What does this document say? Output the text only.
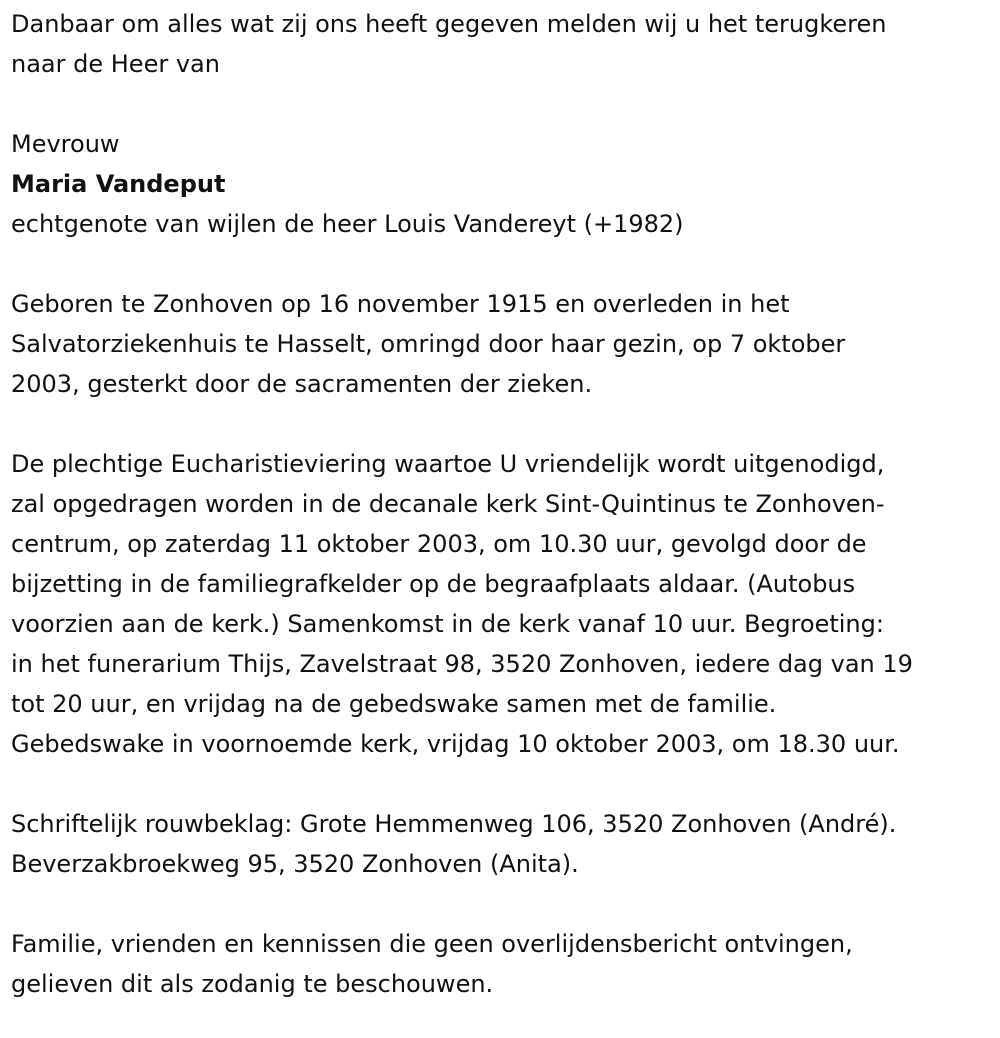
Danbaar om alles wat zij ons heeft gegeven melden wij u het terugkeren

naar de Heer van

Mevrouw

Maria Vandeput

echtgenote van wijlen de heer Louis Vandereyt (+1982)

Geboren te Zonhoven op 16 november 1915 en overleden in het

Salvatorziekenhuis te Hasselt, omringd door haar gezin, op 7 oktober

2003, gesterkt door de sacramenten der zieken.

De plechtige Eucharistieviering waartoe U vriendelijk wordt uitgenodigd,

zal opgedragen worden in de decanale kerk Sint-Quintinus te Zonhoven-

centrum, op zaterdag 11 oktober 2003, om 10.30 uur, gevolgd door de

bijzetting in de familiegrafkelder op de begraafplaats aldaar. (Autobus

voorzien aan de kerk.) Samenkomst in de kerk vanaf 10 uur. Begroeting:

in het funerarium Thijs, Zavelstraat 98, 3520 Zonhoven, iedere dag van 19

tot 20 uur, en vrijdag na de gebedswake samen met de familie.

Gebedswake in voornoemde kerk, vrijdag 10 oktober 2003, om 18.30 uur.

Schriftelijk rouwbeklag: Grote Hemmenweg 106, 3520 Zonhoven (André).

Beverzakbroekweg 95, 3520 Zonhoven (Anita).

Familie, vrienden en kennissen die geen overlijdensbericht ontvingen,

gelieven dit als zodanig te beschouwen.
